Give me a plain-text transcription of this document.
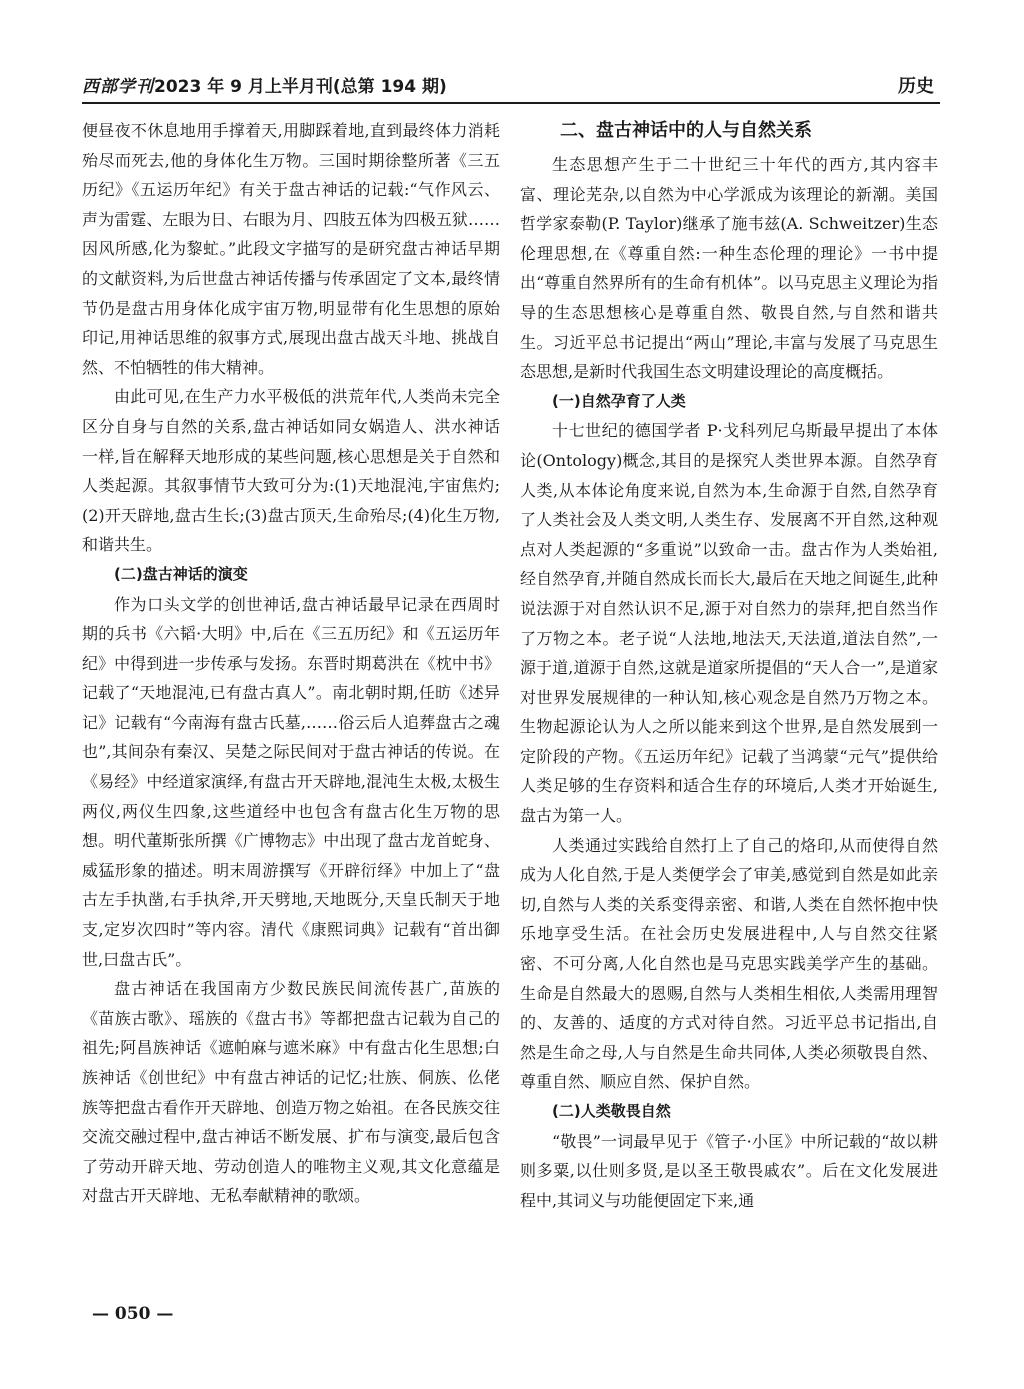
西部学刊2023 年 9 月上半月刊(总第 194 期)	历史

便昼夜不休息地用手撑着天,用脚踩着地,直到最终体力消耗殆尽而死去,他的身体化生万物。三国时期徐整所著《三五历纪》《五运历年纪》有关于盘古神话的记载:“气作风云、声为雷霆、左眼为日、右眼为月、四肢五体为四极五狱……因风所感,化为黎虻。”此段文字描写的是研究盘古神话早期的文献资料,为后世盘古神话传播与传承固定了文本,最终情节仍是盘古用身体化成宇宙万物,明显带有化生思想的原始印记,用神话思维的叙事方式,展现出盘古战天斗地、挑战自然、不怕牺牲的伟大精神。

由此可见,在生产力水平极低的洪荒年代,人类尚未完全区分自身与自然的关系,盘古神话如同女娲造人、洪水神话一样,旨在解释天地形成的某些问题,核心思想是关于自然和人类起源。其叙事情节大致可分为:(1)天地混沌,宇宙焦灼;(2)开天辟地,盘古生长;(3)盘古顶天,生命殆尽;(4)化生万物,和谐共生。

(二)盘古神话的演变

作为口头文学的创世神话,盘古神话最早记录在西周时期的兵书《六韬·大明》中,后在《三五历纪》和《五运历年纪》中得到进一步传承与发扬。东晋时期葛洪在《枕中书》记载了“天地混沌,已有盘古真人”。南北朝时期,任昉《述异记》记载有“今南海有盘古氏墓,……俗云后人追葬盘古之魂也”,其间杂有秦汉、吴楚之际民间对于盘古神话的传说。在《易经》中经道家演绎,有盘古开天辟地,混沌生太极,太极生两仪,两仪生四象,这些道经中也包含有盘古化生万物的思想。明代董斯张所撰《广博物志》中出现了盘古龙首蛇身、威猛形象的描述。明末周游撰写《开辟衍绎》中加上了“盘古左手执凿,右手执斧,开天劈地,天地既分,天皇氏制天于地支,定岁次四时”等内容。清代《康熙词典》记载有“首出御世,曰盘古氏”。

盘古神话在我国南方少数民族民间流传甚广,苗族的《苗族古歌》、瑶族的《盘古书》等都把盘古记载为自己的祖先;阿昌族神话《遮帕麻与遮米麻》中有盘古化生思想;白族神话《创世纪》中有盘古神话的记忆;壮族、侗族、仫佬族等把盘古看作开天辟地、创造万物之始祖。在各民族交往交流交融过程中,盘古神话不断发展、扩布与演变,最后包含了劳动开辟天地、劳动创造人的唯物主义观,其文化意蕴是对盘古开天辟地、无私奉献精神的歌颂。

二、盘古神话中的人与自然关系

生态思想产生于二十世纪三十年代的西方,其内容丰富、理论芜杂,以自然为中心学派成为该理论的新潮。美国哲学家泰勒(P. Taylor)继承了施韦兹(A. Schweitzer)生态伦理思想,在《尊重自然:一种生态伦理的理论》一书中提出“尊重自然界所有的生命有机体”。以马克思主义理论为指导的生态思想核心是尊重自然、敬畏自然,与自然和谐共生。习近平总书记提出“两山”理论,丰富与发展了马克思生态思想,是新时代我国生态文明建设理论的高度概括。

(一)自然孕育了人类

十七世纪的德国学者 P·戈科列尼乌斯最早提出了本体论(Ontology)概念,其目的是探究人类世界本源。自然孕育人类,从本体论角度来说,自然为本,生命源于自然,自然孕育了人类社会及人类文明,人类生存、发展离不开自然,这种观点对人类起源的“多重说”以致命一击。盘古作为人类始祖,经自然孕育,并随自然成长而长大,最后在天地之间诞生,此种说法源于对自然认识不足,源于对自然力的崇拜,把自然当作了万物之本。老子说“人法地,地法天,天法道,道法自然”,一源于道,道源于自然,这就是道家所提倡的“天人合一”,是道家对世界发展规律的一种认知,核心观念是自然乃万物之本。生物起源论认为人之所以能来到这个世界,是自然发展到一定阶段的产物。《五运历年纪》记载了当鸿蒙“元气”提供给人类足够的生存资料和适合生存的环境后,人类才开始诞生,盘古为第一人。

人类通过实践给自然打上了自己的烙印,从而使得自然成为人化自然,于是人类便学会了审美,感觉到自然是如此亲切,自然与人类的关系变得亲密、和谐,人类在自然怀抱中快乐地享受生活。在社会历史发展进程中,人与自然交往紧密、不可分离,人化自然也是马克思实践美学产生的基础。生命是自然最大的恩赐,自然与人类相生相依,人类需用理智的、友善的、适度的方式对待自然。习近平总书记指出,自然是生命之母,人与自然是生命共同体,人类必须敬畏自然、尊重自然、顺应自然、保护自然。

(二)人类敬畏自然

“敬畏”一词最早见于《管子·小匡》中所记载的“故以耕则多粟,以仕则多贤,是以圣王敬畏戚农”。后在文化发展进程中,其词义与功能便固定下来,通

— 050 —
